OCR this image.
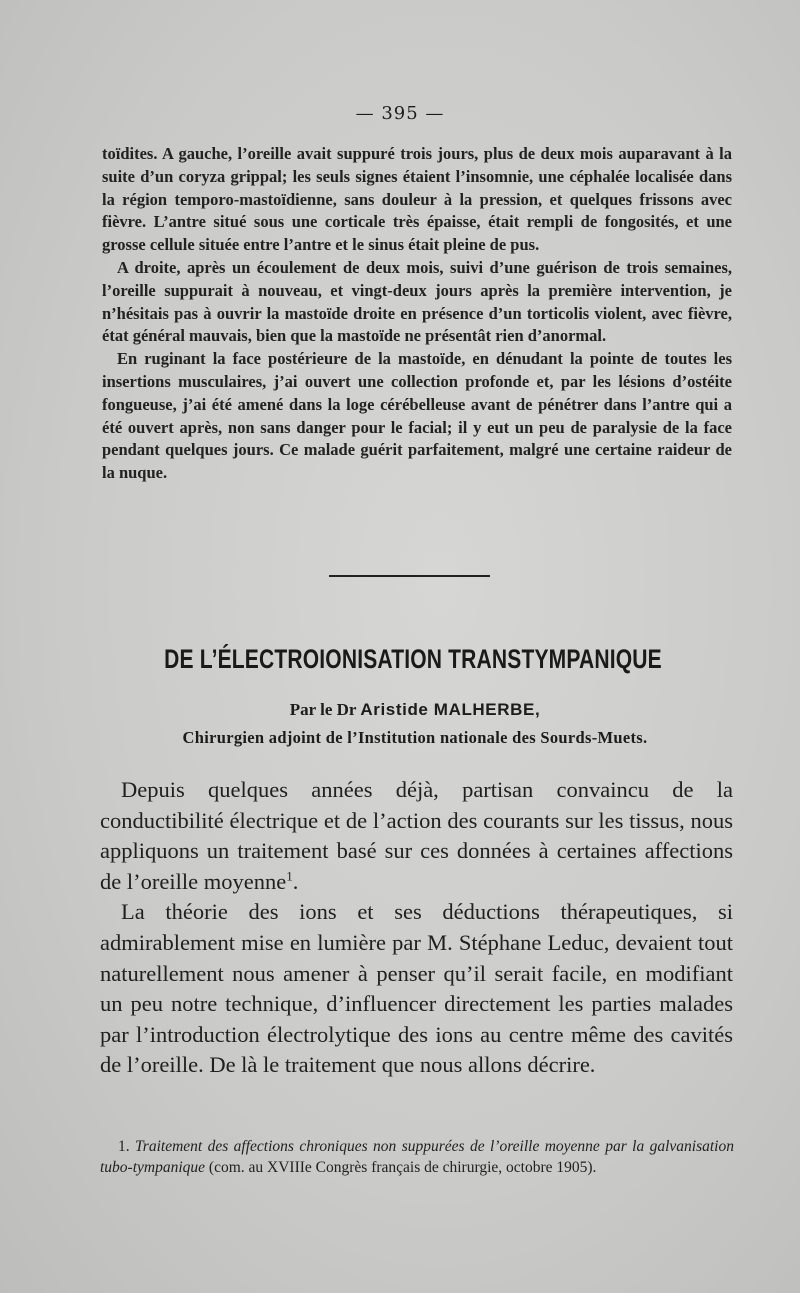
— 395 —

toïdites. A gauche, l’oreille avait suppuré trois jours, plus de deux mois auparavant à la suite d’un coryza grippal; les seuls signes étaient l’insomnie, une céphalée localisée dans la région temporo-mastoïdienne, sans douleur à la pression, et quelques frissons avec fièvre. L’antre situé sous une corticale très épaisse, était rempli de fongosités, et une grosse cellule située entre l’antre et le sinus était pleine de pus.

A droite, après un écoulement de deux mois, suivi d’une guérison de trois semaines, l’oreille suppurait à nouveau, et vingt-deux jours après la première intervention, je n’hésitais pas à ouvrir la mastoïde droite en présence d’un torticolis violent, avec fièvre, état général mauvais, bien que la mastoïde ne présentât rien d’anormal.

En ruginant la face postérieure de la mastoïde, en dénudant la pointe de toutes les insertions musculaires, j’ai ouvert une collection profonde et, par les lésions d’ostéite fongueuse, j’ai été amené dans la loge cérébelleuse avant de pénétrer dans l’antre qui a été ouvert après, non sans danger pour le facial; il y eut un peu de paralysie de la face pendant quelques jours. Ce malade guérit parfaitement, malgré une certaine raideur de la nuque.

DE L’ÉLECTROIONISATION TRANSTYMPANIQUE
Par le Dr Aristide MALHERBE,
Chirurgien adjoint de l’Institution nationale des Sourds-Muets.

Depuis quelques années déjà, partisan convaincu de la conductibilité électrique et de l’action des courants sur les tissus, nous appliquons un traitement basé sur ces données à certaines affections de l’oreille moyenne$^1$.

La théorie des ions et ses déductions thérapeutiques, si admirablement mise en lumière par M. Stéphane Leduc, devaient tout naturellement nous amener à penser qu’il serait facile, en modifiant un peu notre technique, d’influencer directement les parties malades par l’introduction électrolytique des ions au centre même des cavités de l’oreille. De là le traitement que nous allons décrire.

1. Traitement des affections chroniques non suppurées de l’oreille moyenne par la galvanisation tubo-tympanique (com. au XVIIIe Congrès français de chirurgie, octobre 1905).
